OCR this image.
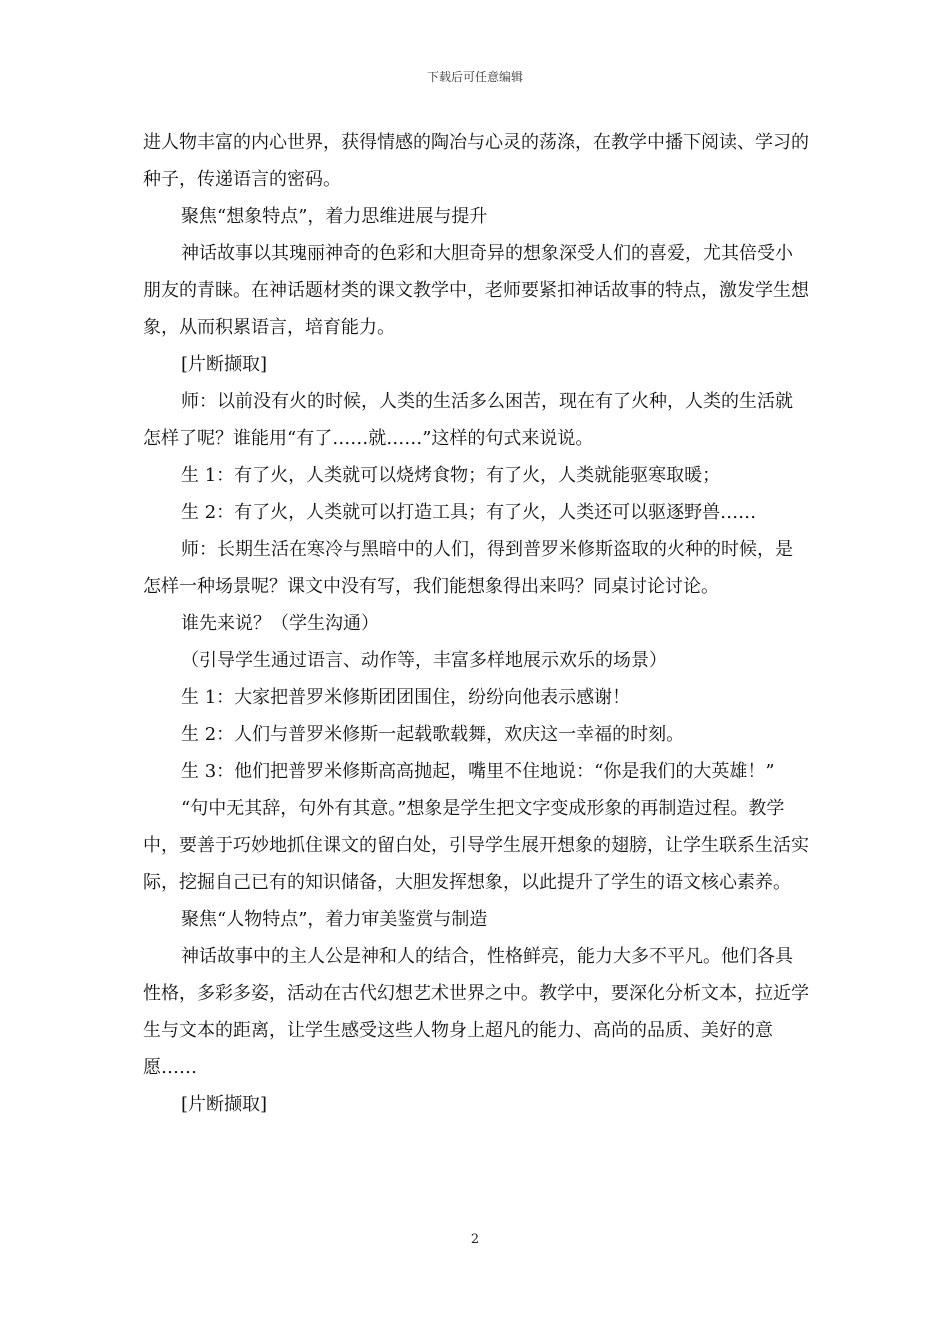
下载后可任意编辑

进人物丰富的内心世界，获得情感的陶冶与心灵的荡涤，在教学中播下阅读、学习的种子，传递语言的密码。

聚焦“想象特点”，着力思维进展与提升

神话故事以其瑰丽神奇的色彩和大胆奇异的想象深受人们的喜爱，尤其倍受小朋友的青睐。在神话题材类的课文教学中，老师要紧扣神话故事的特点，激发学生想象，从而积累语言，培育能力。

[片断撷取]

师：以前没有火的时候，人类的生活多么困苦，现在有了火种，人类的生活就怎样了呢？谁能用“有了……就……”这样的句式来说说。

生 1：有了火，人类就可以烧烤食物；有了火，人类就能驱寒取暖；

生 2：有了火，人类就可以打造工具；有了火，人类还可以驱逐野兽……

师：长期生活在寒冷与黑暗中的人们，得到普罗米修斯盗取的火种的时候，是怎样一种场景呢？课文中没有写，我们能想象得出来吗？同桌讨论讨论。

谁先来说？（学生沟通）

（引导学生通过语言、动作等，丰富多样地展示欢乐的场景）

生 1：大家把普罗米修斯团团围住，纷纷向他表示感谢！

生 2：人们与普罗米修斯一起载歌载舞，欢庆这一幸福的时刻。

生 3：他们把普罗米修斯高高抛起，嘴里不住地说：“你是我们的大英雄！”

“句中无其辞，句外有其意。”想象是学生把文字变成形象的再制造过程。教学中，要善于巧妙地抓住课文的留白处，引导学生展开想象的翅膀，让学生联系生活实际，挖掘自己已有的知识储备，大胆发挥想象，以此提升了学生的语文核心素养。

聚焦“人物特点”，着力审美鉴赏与制造

神话故事中的主人公是神和人的结合，性格鲜亮，能力大多不平凡。他们各具性格，多彩多姿，活动在古代幻想艺术世界之中。教学中，要深化分析文本，拉近学生与文本的距离，让学生感受这些人物身上超凡的能力、高尚的品质、美好的意愿……

[片断撷取]

2
